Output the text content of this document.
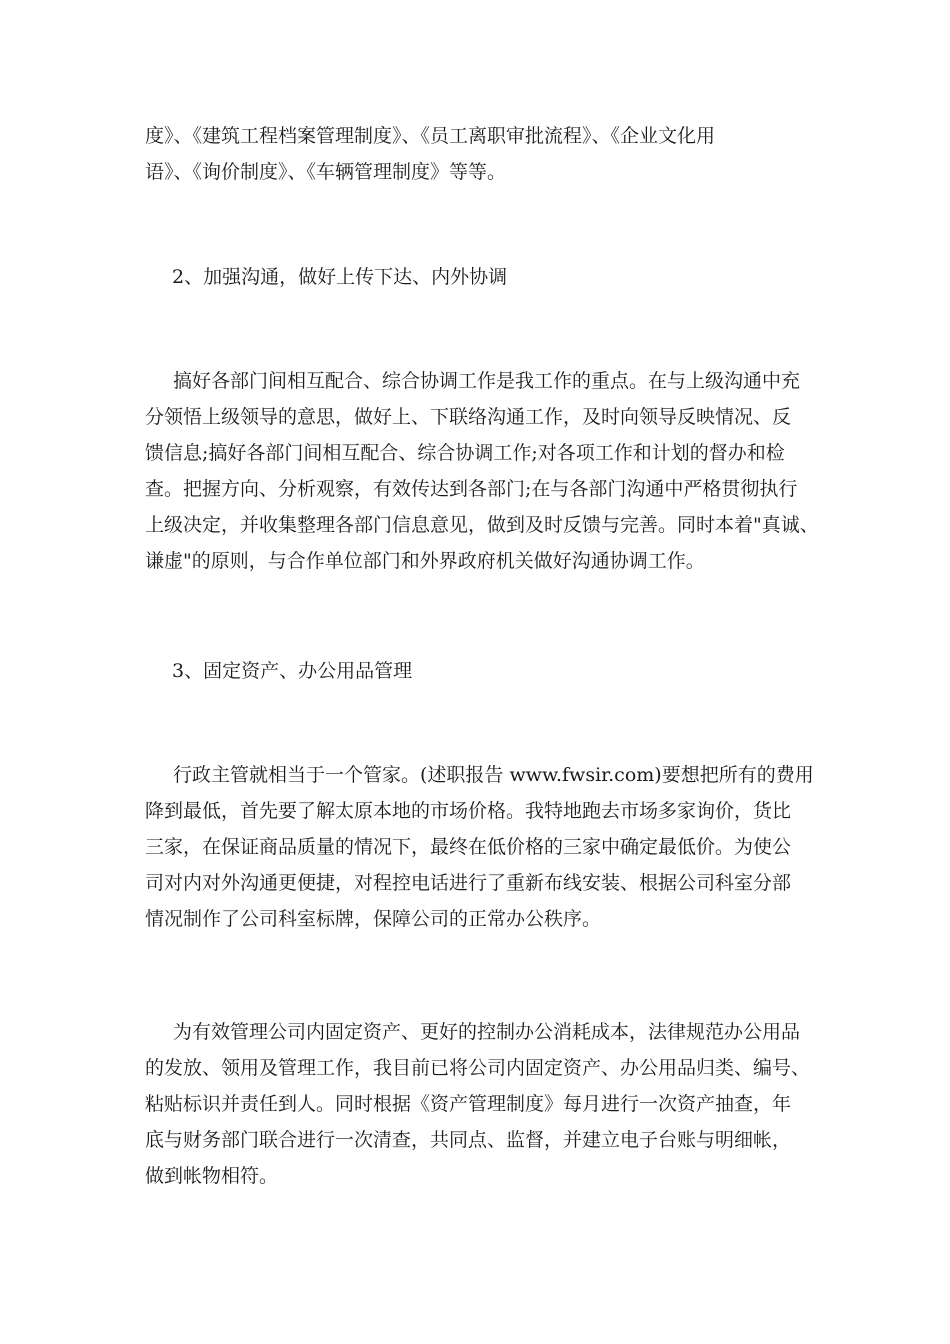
度》、《建筑工程档案管理制度》、《员工离职审批流程》、《企业文化用
语》、《询价制度》、《车辆管理制度》等等。

2、加强沟通，做好上传下达、内外协调

搞好各部门间相互配合、综合协调工作是我工作的重点。在与上级沟通中充
分领悟上级领导的意思，做好上、下联络沟通工作，及时向领导反映情况、反
馈信息;搞好各部门间相互配合、综合协调工作;对各项工作和计划的督办和检
查。把握方向、分析观察，有效传达到各部门;在与各部门沟通中严格贯彻执行
上级决定，并收集整理各部门信息意见，做到及时反馈与完善。同时本着"真诚、
谦虚"的原则，与合作单位部门和外界政府机关做好沟通协调工作。

3、固定资产、办公用品管理

行政主管就相当于一个管家。(述职报告 www.fwsir.com)要想把所有的费用
降到最低，首先要了解太原本地的市场价格。我特地跑去市场多家询价，货比
三家，在保证商品质量的情况下，最终在低价格的三家中确定最低价。为使公
司对内对外沟通更便捷，对程控电话进行了重新布线安装、根据公司科室分部
情况制作了公司科室标牌，保障公司的正常办公秩序。

为有效管理公司内固定资产、更好的控制办公消耗成本，法律规范办公用品
的发放、领用及管理工作，我目前已将公司内固定资产、办公用品归类、编号、
粘贴标识并责任到人。同时根据《资产管理制度》每月进行一次资产抽查，年
底与财务部门联合进行一次清查，共同点、监督，并建立电子台账与明细帐，
做到帐物相符。
